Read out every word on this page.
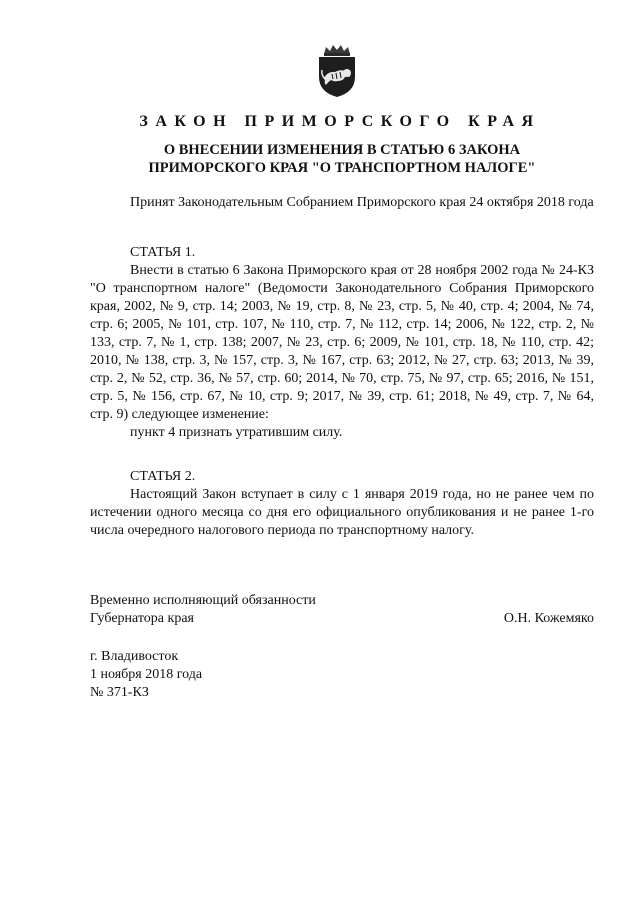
ЗАКОН ПРИМОРСКОГО КРАЯ

О ВНЕСЕНИИ ИЗМЕНЕНИЯ В СТАТЬЮ 6 ЗАКОНА

ПРИМОРСКОГО КРАЯ "О ТРАНСПОРТНОМ НАЛОГЕ"

Принят Законодательным Собранием Приморского края 24 октября 2018 года

СТАТЬЯ 1.

Внести в статью 6 Закона Приморского края от 28 ноября 2002 года № 24-КЗ "О транспортном налоге" (Ведомости Законодательного Собрания Приморского края, 2002, № 9, стр. 14; 2003, № 19, стр. 8, № 23, стр. 5, № 40, стр. 4; 2004, № 74, стр. 6; 2005, № 101, стр. 107, № 110, стр. 7, № 112, стр. 14; 2006, № 122, стр. 2, № 133, стр. 7, № 1, стр. 138; 2007, № 23, стр. 6; 2009, № 101, стр. 18, № 110, стр. 42; 2010, № 138, стр. 3, № 157, стр. 3, № 167, стр. 63; 2012, № 27, стр. 63; 2013, № 39, стр. 2, № 52, стр. 36, № 57, стр. 60; 2014, № 70, стр. 75, № 97, стр. 65; 2016, № 151, стр. 5, № 156, стр. 67, № 10, стр. 9; 2017, № 39, стр. 61; 2018, № 49, стр. 7, № 64, стр. 9) следующее изменение:

пункт 4 признать утратившим силу.

СТАТЬЯ 2.

Настоящий Закон вступает в силу с 1 января 2019 года, но не ранее чем по истечении одного месяца со дня его официального опубликования и не ранее 1-го числа очередного налогового периода по транспортному налогу.

Временно исполняющий обязанности

Губернатора края	О.Н. Кожемяко

г. Владивосток

1 ноября 2018 года

№ 371-КЗ
